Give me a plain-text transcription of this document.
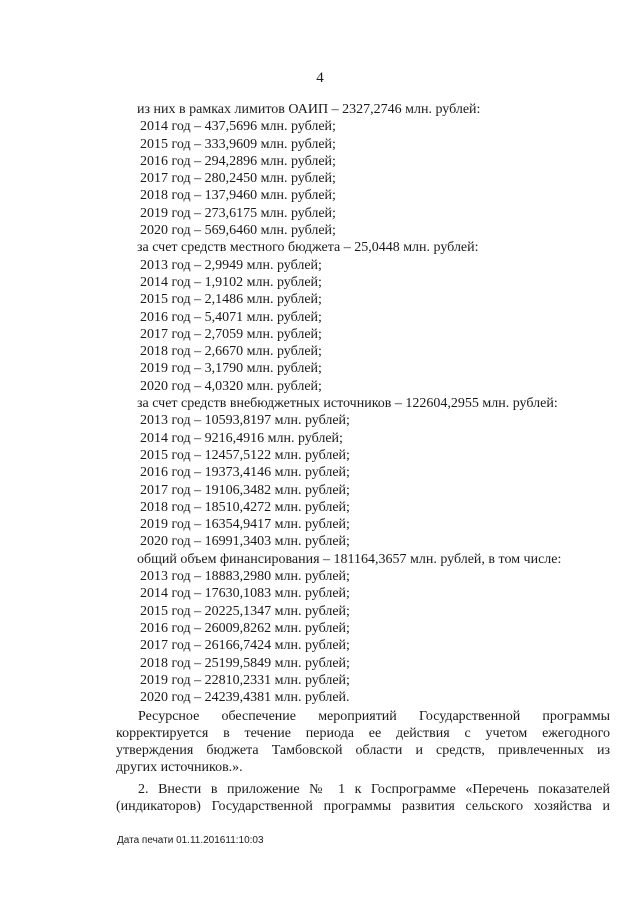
4
из них в рамках лимитов ОАИП – 2327,2746 млн. рублей:
2014 год – 437,5696 млн. рублей;
2015 год – 333,9609 млн. рублей;
2016 год – 294,2896 млн. рублей;
2017 год – 280,2450 млн. рублей;
2018 год – 137,9460 млн. рублей;
2019 год – 273,6175 млн. рублей;
2020 год – 569,6460 млн. рублей;
за счет средств местного бюджета – 25,0448 млн. рублей:
2013 год – 2,9949 млн. рублей;
2014 год – 1,9102 млн. рублей;
2015 год – 2,1486 млн. рублей;
2016 год – 5,4071 млн. рублей;
2017 год – 2,7059 млн. рублей;
2018 год – 2,6670 млн. рублей;
2019 год – 3,1790 млн. рублей;
2020 год – 4,0320 млн. рублей;
за счет средств внебюджетных источников – 122604,2955 млн. рублей:
2013 год – 10593,8197 млн. рублей;
2014 год – 9216,4916 млн. рублей;
2015 год – 12457,5122 млн. рублей;
2016 год – 19373,4146 млн. рублей;
2017 год – 19106,3482 млн. рублей;
2018 год – 18510,4272 млн. рублей;
2019 год – 16354,9417 млн. рублей;
2020 год – 16991,3403 млн. рублей;
общий объем финансирования – 181164,3657 млн. рублей, в том числе:
2013 год – 18883,2980 млн. рублей;
2014 год – 17630,1083 млн. рублей;
2015 год – 20225,1347 млн. рублей;
2016 год – 26009,8262 млн. рублей;
2017 год – 26166,7424 млн. рублей;
2018 год – 25199,5849 млн. рублей;
2019 год – 22810,2331 млн. рублей;
2020 год – 24239,4381 млн. рублей.
Ресурсное обеспечение мероприятий Государственной программы
корректируется в течение периода ее действия с учетом ежегодного
утверждения бюджета Тамбовской области и средств, привлеченных из
других источников.».
2. Внести в приложение № 1 к Госпрограмме «Перечень показателей
(индикаторов) Государственной программы развития сельского хозяйства и
Дата печати 01.11.201611:10:03
